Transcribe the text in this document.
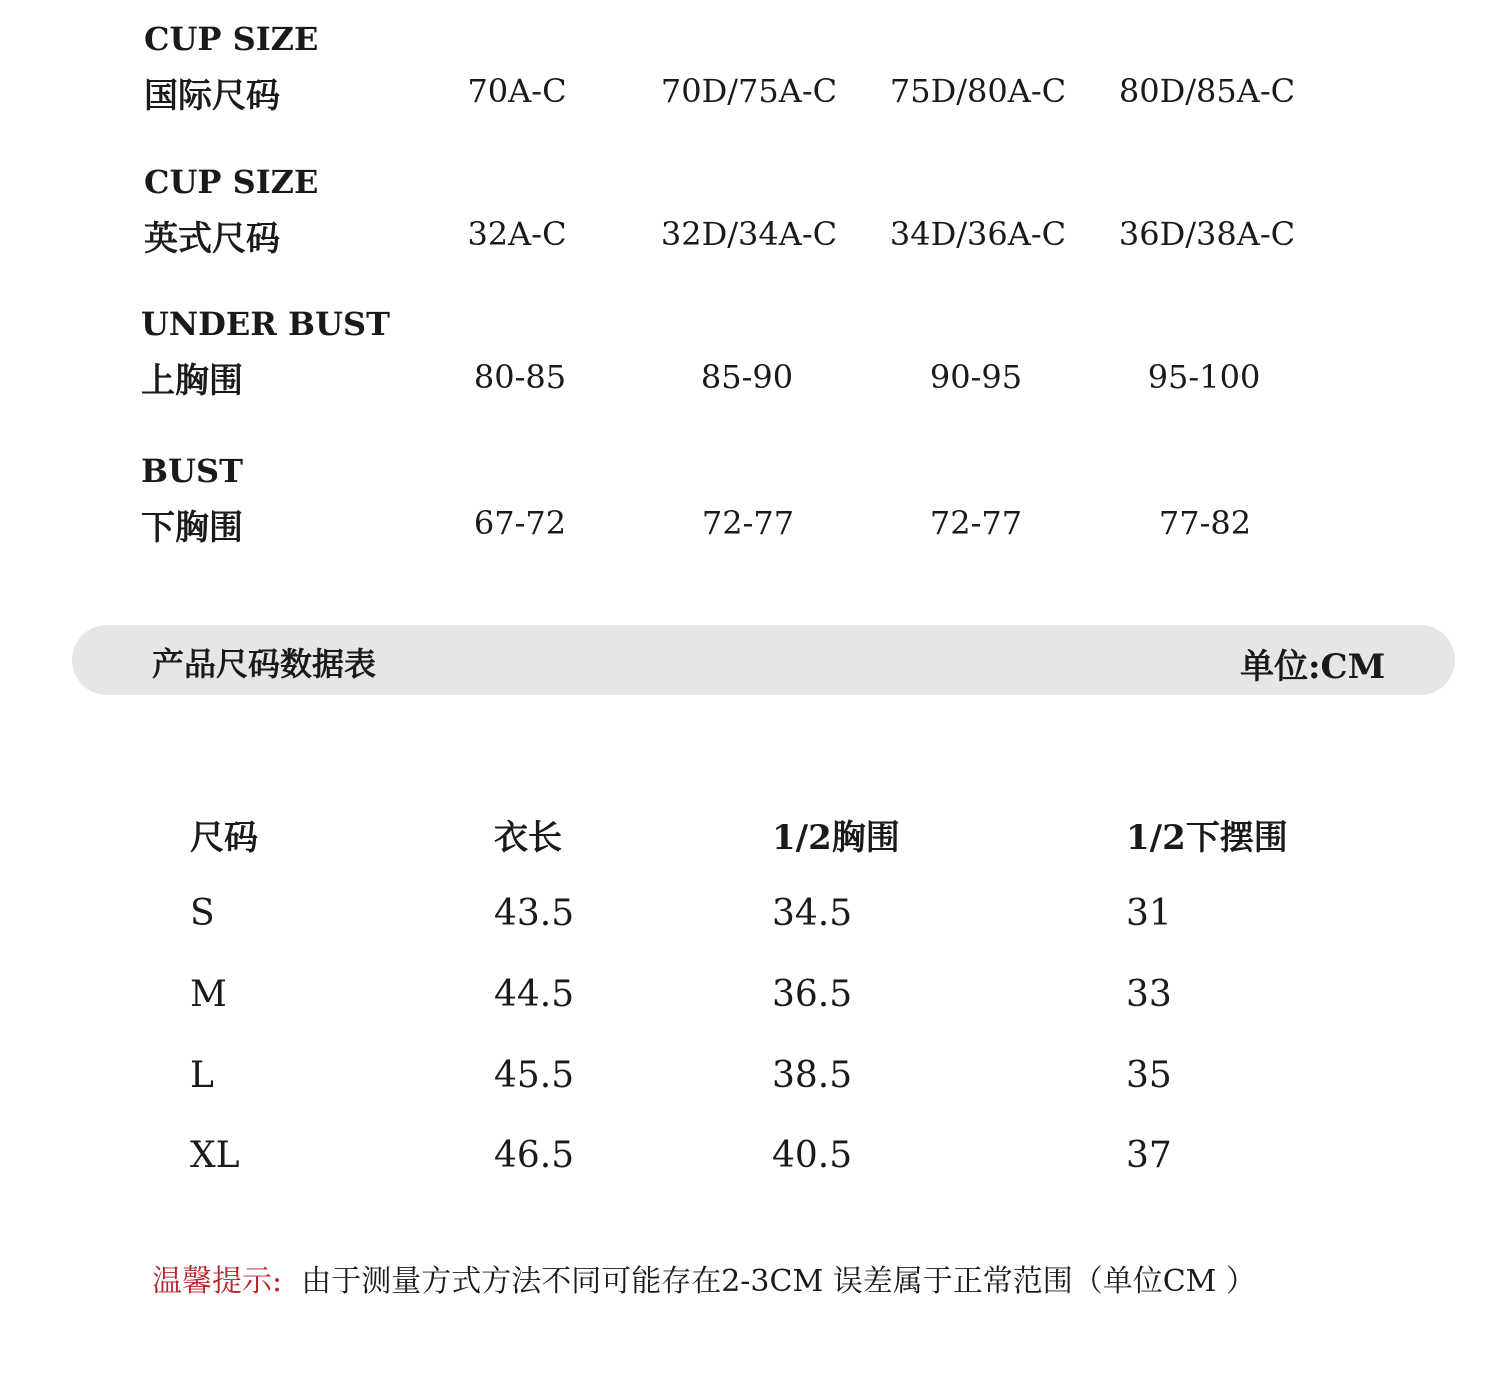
CUP SIZE
国际尺码	70A-C	70D/75A-C	75D/80A-C	80D/85A-C
CUP SIZE
英式尺码	32A-C	32D/34A-C	34D/36A-C	36D/38A-C
UNDER BUST
上胸围	80-85	85-90	90-95	95-100
BUST
下胸围	67-72	72-77	72-77	77-82
产品尺码数据表	单位:CM
尺码	衣长	1/2胸围	1/2下摆围
S	43.5	34.5	31
M	44.5	36.5	33
L	45.5	38.5	35
XL	46.5	40.5	37
温馨提示: 由于测量方式方法不同可能存在2-3CM 误差属于正常范围（单位CM ）
